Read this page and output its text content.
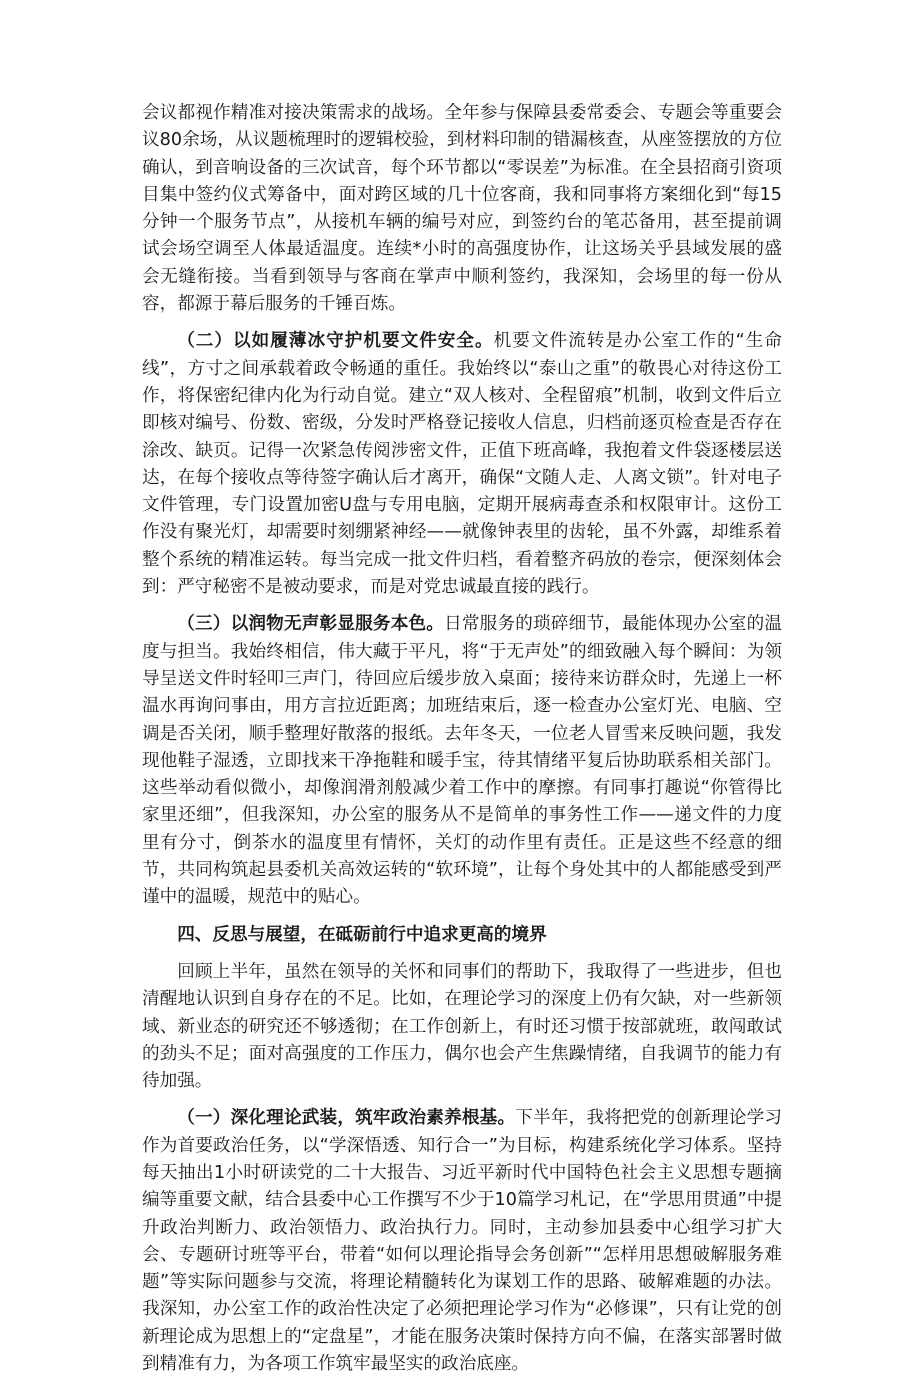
会议都视作精准对接决策需求的战场。全年参与保障县委常委会、专题会等重要会议80余场，从议题梳理时的逻辑校验，到材料印制的错漏核查，从座签摆放的方位确认，到音响设备的三次试音，每个环节都以“零误差”为标准。在全县招商引资项目集中签约仪式筹备中，面对跨区域的几十位客商，我和同事将方案细化到“每15分钟一个服务节点”，从接机车辆的编号对应，到签约台的笔芯备用，甚至提前调试会场空调至人体最适温度。连续*小时的高强度协作，让这场关乎县域发展的盛会无缝衔接。当看到领导与客商在掌声中顺利签约，我深知，会场里的每一份从容，都源于幕后服务的千锤百炼。

（二）以如履薄冰守护机要文件安全。机要文件流转是办公室工作的“生命线”，方寸之间承载着政令畅通的重任。我始终以“泰山之重”的敬畏心对待这份工作，将保密纪律内化为行动自觉。建立“双人核对、全程留痕”机制，收到文件后立即核对编号、份数、密级，分发时严格登记接收人信息，归档前逐页检查是否存在涂改、缺页。记得一次紧急传阅涉密文件，正值下班高峰，我抱着文件袋逐楼层送达，在每个接收点等待签字确认后才离开，确保“文随人走、人离文锁”。针对电子文件管理，专门设置加密U盘与专用电脑，定期开展病毒查杀和权限审计。这份工作没有聚光灯，却需要时刻绷紧神经——就像钟表里的齿轮，虽不外露，却维系着整个系统的精准运转。每当完成一批文件归档，看着整齐码放的卷宗，便深刻体会到：严守秘密不是被动要求，而是对党忠诚最直接的践行。

（三）以润物无声彰显服务本色。日常服务的琐碎细节，最能体现办公室的温度与担当。我始终相信，伟大藏于平凡，将“于无声处”的细致融入每个瞬间：为领导呈送文件时轻叩三声门，待回应后缓步放入桌面；接待来访群众时，先递上一杯温水再询问事由，用方言拉近距离；加班结束后，逐一检查办公室灯光、电脑、空调是否关闭，顺手整理好散落的报纸。去年冬天，一位老人冒雪来反映问题，我发现他鞋子湿透，立即找来干净拖鞋和暖手宝，待其情绪平复后协助联系相关部门。这些举动看似微小，却像润滑剂般减少着工作中的摩擦。有同事打趣说“你管得比家里还细”，但我深知，办公室的服务从不是简单的事务性工作——递文件的力度里有分寸，倒茶水的温度里有情怀，关灯的动作里有责任。正是这些不经意的细节，共同构筑起县委机关高效运转的“软环境”，让每个身处其中的人都能感受到严谨中的温暖，规范中的贴心。

四、反思与展望，在砥砺前行中追求更高的境界

回顾上半年，虽然在领导的关怀和同事们的帮助下，我取得了一些进步，但也清醒地认识到自身存在的不足。比如，在理论学习的深度上仍有欠缺，对一些新领域、新业态的研究还不够透彻；在工作创新上，有时还习惯于按部就班，敢闯敢试的劲头不足；面对高强度的工作压力，偶尔也会产生焦躁情绪，自我调节的能力有待加强。

（一）深化理论武装，筑牢政治素养根基。下半年，我将把党的创新理论学习作为首要政治任务，以“学深悟透、知行合一”为目标，构建系统化学习体系。坚持每天抽出1小时研读党的二十大报告、习近平新时代中国特色社会主义思想专题摘编等重要文献，结合县委中心工作撰写不少于10篇学习札记，在“学思用贯通”中提升政治判断力、政治领悟力、政治执行力。同时，主动参加县委中心组学习扩大会、专题研讨班等平台，带着“如何以理论指导会务创新”“怎样用思想破解服务难题”等实际问题参与交流，将理论精髓转化为谋划工作的思路、破解难题的办法。我深知，办公室工作的政治性决定了必须把理论学习作为“必修课”，只有让党的创新理论成为思想上的“定盘星”，才能在服务决策时保持方向不偏，在落实部署时做到精准有力，为各项工作筑牢最坚实的政治底座。
